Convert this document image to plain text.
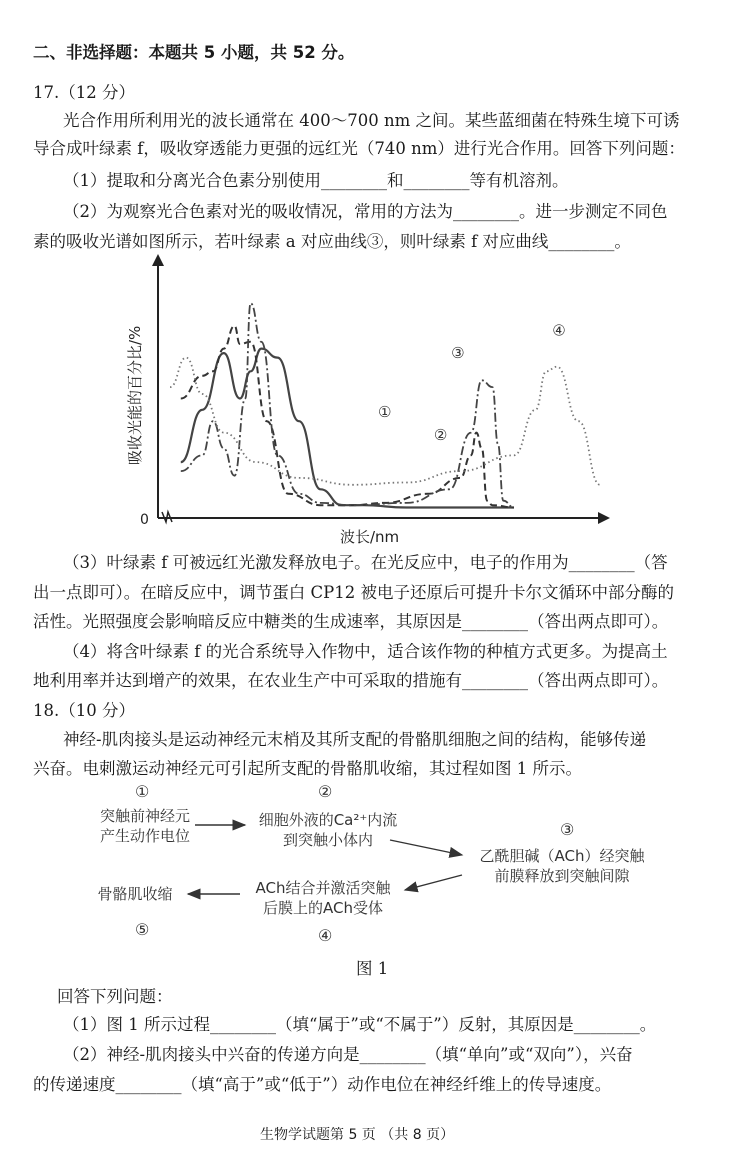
二、非选择题：本题共 5 小题，共 52 分。
17.（12 分）
光合作用所利用光的波长通常在 400～700 nm 之间。某些蓝细菌在特殊生境下可诱
导合成叶绿素 f，吸收穿透能力更强的远红光（740 nm）进行光合作用。回答下列问题：
（1）提取和分离光合色素分别使用________和________等有机溶剂。
（2）为观察光合色素对光的吸收情况，常用的方法为________。进一步测定不同色
素的吸收光谱如图所示，若叶绿素 a 对应曲线③，则叶绿素 f 对应曲线________。
0
波长/nm
吸收光能的百分比/%	①
②
③
④
（3）叶绿素 f 可被远红光激发释放电子。在光反应中，电子的作用为________（答
出一点即可）。在暗反应中，调节蛋白 CP12 被电子还原后可提升卡尔文循环中部分酶的
活性。光照强度会影响暗反应中糖类的生成速率，其原因是________（答出两点即可）。
（4）将含叶绿素 f 的光合系统导入作物中，适合该作物的种植方式更多。为提高土
地利用率并达到增产的效果，在农业生产中可采取的措施有________（答出两点即可）。
18.（10 分）
神经-肌肉接头是运动神经元末梢及其所支配的骨骼肌细胞之间的结构，能够传递
兴奋。电刺激运动神经元可引起所支配的骨骼肌收缩，其过程如图 1 所示。
①
突触前神经元
产生动作电位
②
细胞外液的Ca²⁺内流
到突触小体内
③
乙酰胆碱（ACh）经突触
前膜释放到突触间隙
ACh结合并激活突触
后膜上的ACh受体
④
骨骼肌收缩
⑤
图 1
回答下列问题：
（1）图 1 所示过程________（填“属于”或“不属于”）反射，其原因是________。
（2）神经-肌肉接头中兴奋的传递方向是________（填“单向”或“双向”），兴奋
的传递速度________（填“高于”或“低于”）动作电位在神经纤维上的传导速度。
生物学试题第 5 页 （共 8 页）
